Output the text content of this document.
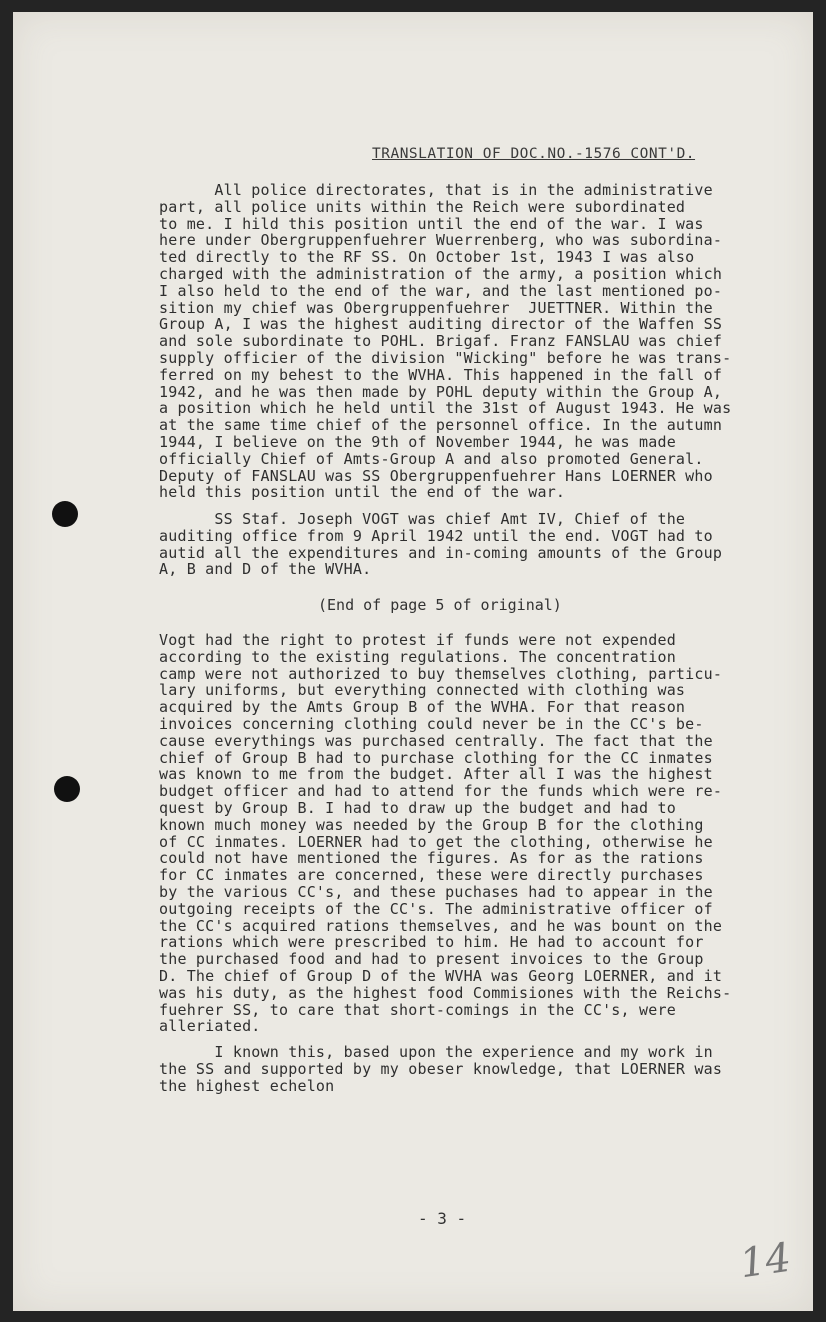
TRANSLATION OF DOC.NO.-1576 CONT'D.
All police directorates, that is in the administrative
part, all police units within the Reich were subordinated
to me. I hild this position until the end of the war. I was
here under Obergruppenfuehrer Wuerrenberg, who was subordina-
ted directly to the RF SS. On October 1st, 1943 I was also
charged with the administration of the army, a position which
I also held to the end of the war, and the last mentioned po-
sition my chief was Obergruppenfuehrer  JUETTNER. Within the
Group A, I was the highest auditing director of the Waffen SS
and sole subordinate to POHL. Brigaf. Franz FANSLAU was chief
supply officier of the division "Wicking" before he was trans-
ferred on my behest to the WVHA. This happened in the fall of
1942, and he was then made by POHL deputy within the Group A,
a position which he held until the 31st of August 1943. He was
at the same time chief of the personnel office. In the autumn
1944, I believe on the 9th of November 1944, he was made
officially Chief of Amts-Group A and also promoted General.
Deputy of FANSLAU was SS Obergruppenfuehrer Hans LOERNER who
held this position until the end of the war.
SS Staf. Joseph VOGT was chief Amt IV, Chief of the
auditing office from 9 April 1942 until the end. VOGT had to
autid all the expenditures and in-coming amounts of the Group
A, B and D of the WVHA.
(End of page 5 of original)
Vogt had the right to protest if funds were not expended
according to the existing regulations. The concentration
camp were not authorized to buy themselves clothing, particu-
lary uniforms, but everything connected with clothing was
acquired by the Amts Group B of the WVHA. For that reason
invoices concerning clothing could never be in the CC's be-
cause everythings was purchased centrally. The fact that the
chief of Group B had to purchase clothing for the CC inmates
was known to me from the budget. After all I was the highest
budget officer and had to attend for the funds which were re-
quest by Group B. I had to draw up the budget and had to
known much money was needed by the Group B for the clothing
of CC inmates. LOERNER had to get the clothing, otherwise he
could not have mentioned the figures. As for as the rations
for CC inmates are concerned, these were directly purchases
by the various CC's, and these puchases had to appear in the
outgoing receipts of the CC's. The administrative officer of
the CC's acquired rations themselves, and he was bount on the
rations which were prescribed to him. He had to account for
the purchased food and had to present invoices to the Group
D. The chief of Group D of the WVHA was Georg LOERNER, and it
was his duty, as the highest food Commisiones with the Reichs-
fuehrer SS, to care that short-comings in the CC's, were
alleriated.
I known this, based upon the experience and my work in
the SS and supported by my obeser knowledge, that LOERNER was
the highest echelon
- 3 -
14
